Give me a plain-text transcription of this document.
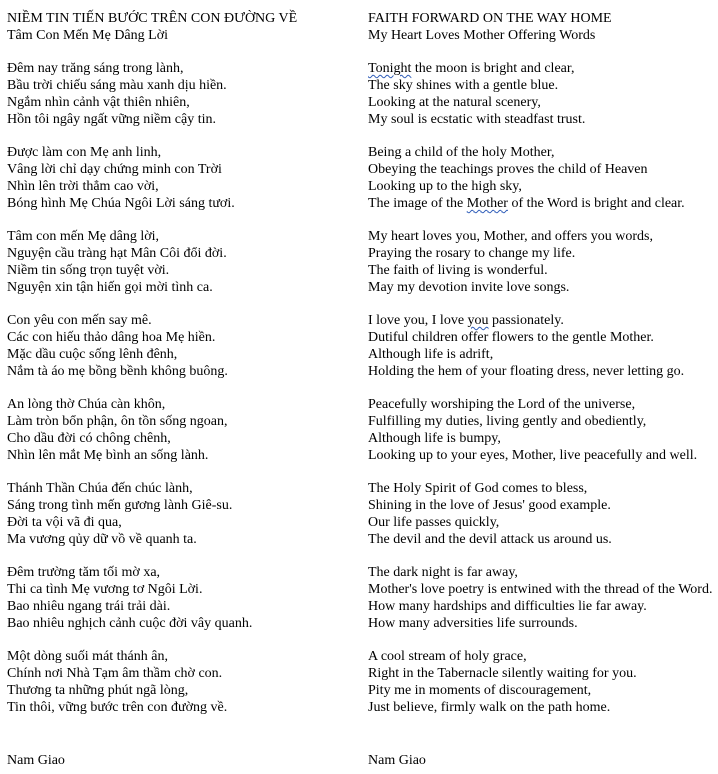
NIỀM TIN TIẾN BƯỚC TRÊN CON ĐƯỜNG VỀ
Tâm Con Mến Mẹ Dâng Lời
Đêm nay trăng sáng trong lành,
Bầu trời chiếu sáng màu xanh dịu hiền.
Ngắm nhìn cảnh vật thiên nhiên,
Hồn tôi ngây ngất vững niềm cậy tin.
Được làm con Mẹ anh linh,
Vâng lời chỉ dạy chứng minh con Trời
Nhìn lên trời thẳm cao vời,
Bóng hình Mẹ Chúa Ngôi Lời sáng tươi.
Tâm con mến Mẹ dâng lời,
Nguyện cầu tràng hạt Mân Côi đổi đời.
Niềm tin sống trọn tuyệt vời.
Nguyện xin tận hiến gọi mời tình ca.
Con yêu con mến say mê.
Các con hiếu thảo dâng hoa Mẹ hiền.
Mặc dầu cuộc sống lênh đênh,
Nắm tà áo mẹ bồng bềnh không buông.
An lòng thờ Chúa càn khôn,
Làm tròn bổn phận, ôn tồn sống ngoan,
Cho dầu đời có chông chênh,
Nhìn lên mắt Mẹ bình an sống lành.
Thánh Thần Chúa đến chúc lành,
Sáng trong tình mến gương lành Giê-su.
Đời ta vội vã đi qua,
Ma vương qủy dữ vồ về quanh ta.
Đêm trường tăm tối mờ xa,
Thi ca tình Mẹ vương tơ Ngôi Lời.
Bao nhiêu ngang trái trải dài.
Bao nhiêu nghịch cảnh cuộc đời vây quanh.
Một dòng suối mát thánh ân,
Chính nơi Nhà Tạm âm thầm chờ con.
Thương ta những phút ngã lòng,
Tin thôi, vững bước trên con đường về.
FAITH FORWARD ON THE WAY HOME
My Heart Loves Mother Offering Words
Tonight the moon is bright and clear,
The sky shines with a gentle blue.
Looking at the natural scenery,
My soul is ecstatic with steadfast trust.
Being a child of the holy Mother,
Obeying the teachings proves the child of Heaven
Looking up to the high sky,
The image of the Mother of the Word is bright and clear.
My heart loves you, Mother, and offers you words,
Praying the rosary to change my life.
The faith of living is wonderful.
May my devotion invite love songs.
I love you, I love you passionately.
Dutiful children offer flowers to the gentle Mother.
Although life is adrift,
Holding the hem of your floating dress, never letting go.
Peacefully worshiping the Lord of the universe,
Fulfilling my duties, living gently and obediently,
Although life is bumpy,
Looking up to your eyes, Mother, live peacefully and well.
The Holy Spirit of God comes to bless,
Shining in the love of Jesus' good example.
Our life passes quickly,
The devil and the devil attack us around us.
The dark night is far away,
Mother's love poetry is entwined with the thread of the Word.
How many hardships and difficulties lie far away.
How many adversities life surrounds.
A cool stream of holy grace,
Right in the Tabernacle silently waiting for you.
Pity me in moments of discouragement,
Just believe, firmly walk on the path home.
Nam Giao	Nam Giao
